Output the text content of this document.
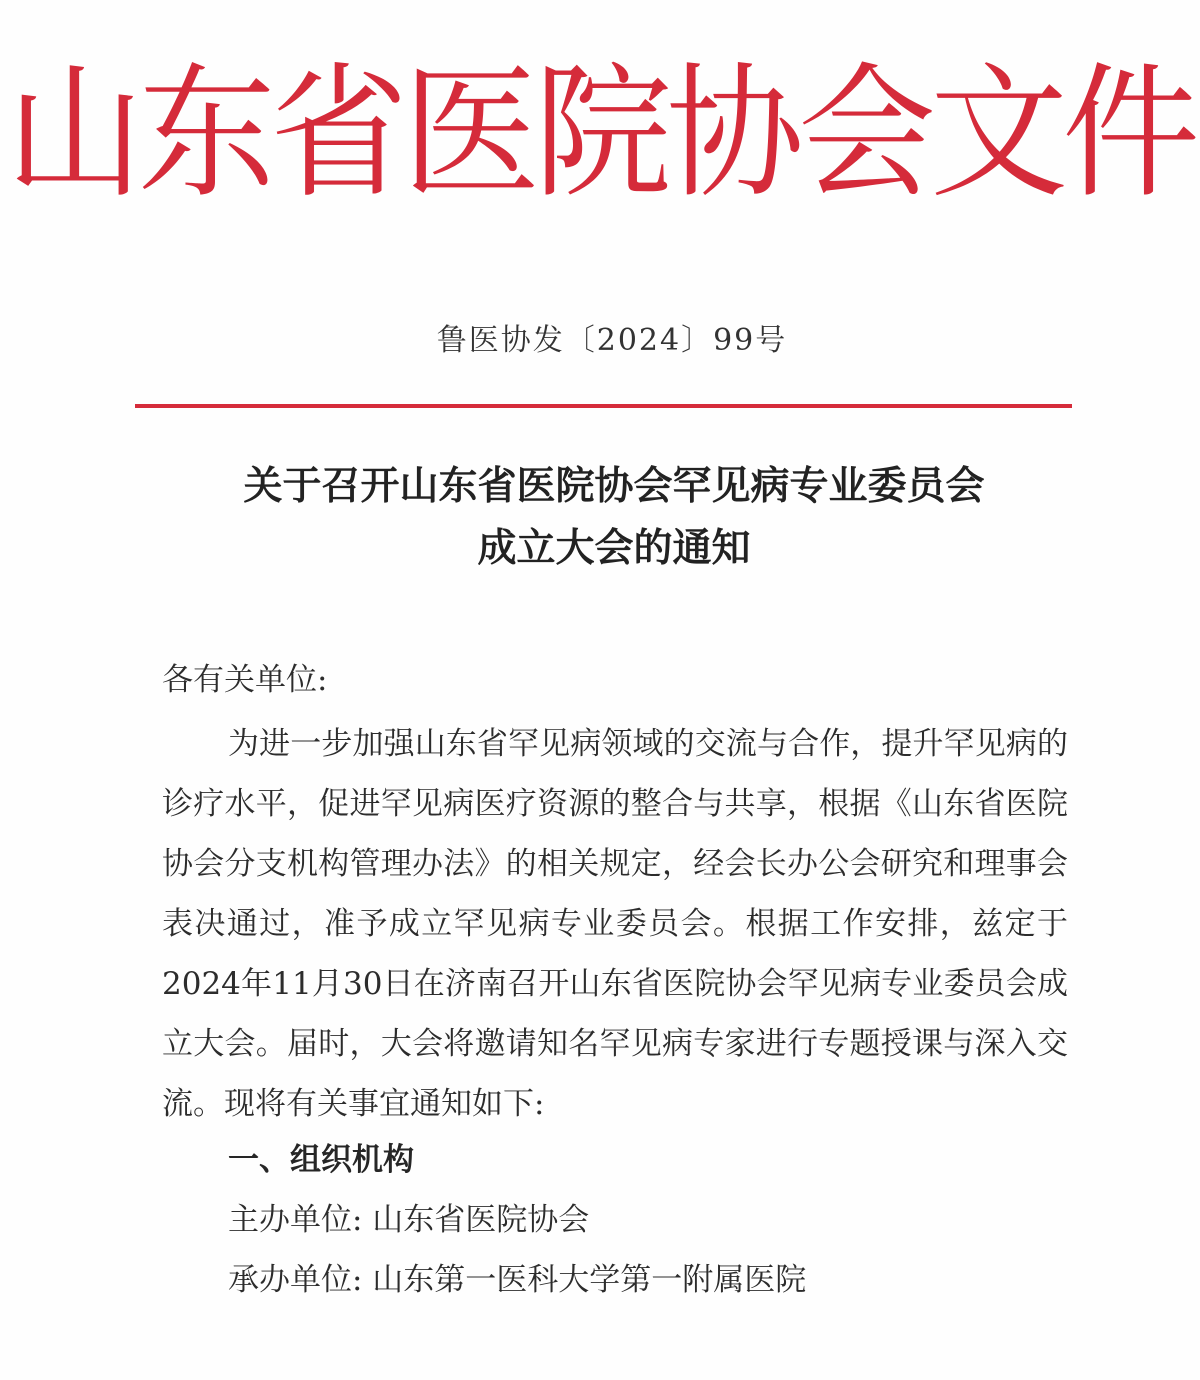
山东省医院协会文件
鲁医协发〔2024〕99号
关于召开山东省医院协会罕见病专业委员会
成立大会的通知
各有关单位:
为进一步加强山东省罕见病领域的交流与合作，提升罕见病的诊疗水平，促进罕见病医疗资源的整合与共享，根据《山东省医院协会分支机构管理办法》的相关规定，经会长办公会研究和理事会表决通过，准予成立罕见病专业委员会。根据工作安排，兹定于2024年11月30日在济南召开山东省医院协会罕见病专业委员会成立大会。届时，大会将邀请知名罕见病专家进行专题授课与深入交流。现将有关事宜通知如下:
一、组织机构
主办单位: 山东省医院协会
承办单位: 山东第一医科大学第一附属医院
